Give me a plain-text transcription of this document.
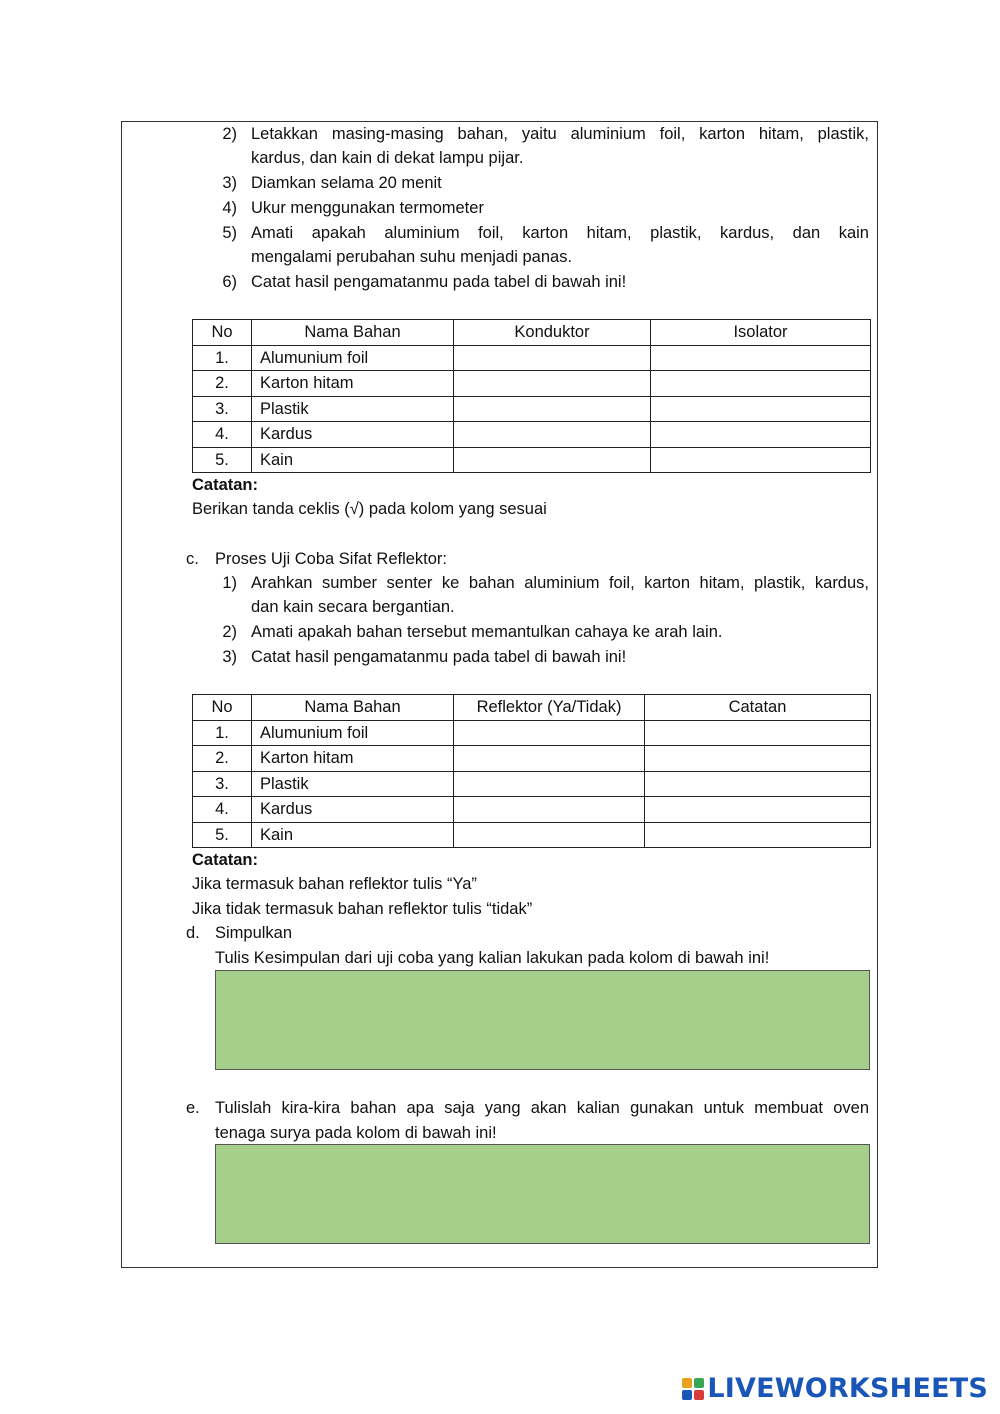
2) Letakkan masing-masing bahan, yaitu aluminium foil, karton hitam, plastik,
kardus, dan kain di dekat lampu pijar.
3) Diamkan selama 20 menit
4) Ukur menggunakan termometer
5) Amati apakah aluminium foil, karton hitam, plastik, kardus, dan kain
mengalami perubahan suhu menjadi panas.
6) Catat hasil pengamatanmu pada tabel di bawah ini!
No	Nama Bahan	Konduktor	Isolator
1.	Alumunium foil		
2.	Karton hitam		
3.	Plastik		
4.	Kardus		
5.	Kain		
Catatan:
Berikan tanda ceklis (√) pada kolom yang sesuai
c. Proses Uji Coba Sifat Reflektor:
1) Arahkan sumber senter ke bahan aluminium foil, karton hitam, plastik, kardus,
dan kain secara bergantian.
2) Amati apakah bahan tersebut memantulkan cahaya ke arah lain.
3) Catat hasil pengamatanmu pada tabel di bawah ini!
No	Nama Bahan	Reflektor (Ya/Tidak)	Catatan
1.	Alumunium foil		
2.	Karton hitam		
3.	Plastik		
4.	Kardus		
5.	Kain		
Catatan:
Jika termasuk bahan reflektor tulis “Ya”
Jika tidak termasuk bahan reflektor tulis “tidak”
d. Simpulkan
Tulis Kesimpulan dari uji coba yang kalian lakukan pada kolom di bawah ini!
e. Tulislah kira-kira bahan apa saja yang akan kalian gunakan untuk membuat oven
tenaga surya pada kolom di bawah ini!
LIVEWORKSHEETS
